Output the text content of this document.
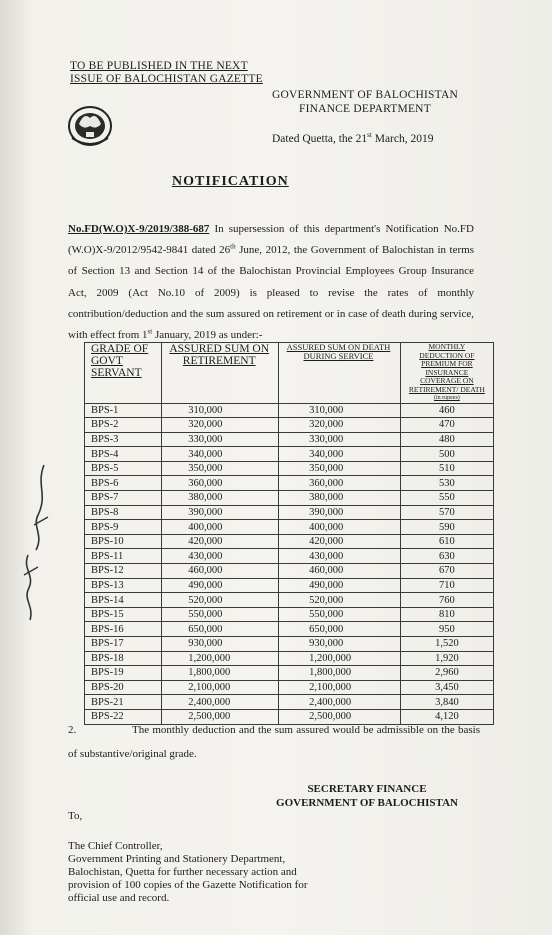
TO BE PUBLISHED IN THE NEXT
ISSUE OF BALOCHISTAN GAZETTE
GOVERNMENT OF BALOCHISTAN
FINANCE DEPARTMENT
Dated Quetta, the 21st March, 2019
NOTIFICATION
No.FD(W.O)X-9/2019/388-687 In supersession of this department's Notification No.FD (W.O)X-9/2012/9542-9841 dated 26th June, 2012, the Government of Balochistan in terms of Section 13 and Section 14 of the Balochistan Provincial Employees Group Insurance Act, 2009 (Act No.10 of 2009) is pleased to revise the rates of monthly contribution/deduction and the sum assured on retirement or in case of death during service, with effect from 1st January, 2019 as under:-
GRADE OF GOVT SERVANT	ASSURED SUM ON RETIREMENT	ASSURED SUM ON DEATH DURING SERVICE	MONTHLY DEDUCTION OF PREMIUM FOR INSURANCE COVERAGE ON RETIREMENT/ DEATH
(in rupees)

BPS-1	310,000	310,000	460
BPS-2	320,000	320,000	470
BPS-3	330,000	330,000	480
BPS-4	340,000	340,000	500
BPS-5	350,000	350,000	510
BPS-6	360,000	360,000	530
BPS-7	380,000	380,000	550
BPS-8	390,000	390,000	570
BPS-9	400,000	400,000	590
BPS-10	420,000	420,000	610
BPS-11	430,000	430,000	630
BPS-12	460,000	460,000	670
BPS-13	490,000	490,000	710
BPS-14	520,000	520,000	760
BPS-15	550,000	550,000	810
BPS-16	650,000	650,000	950
BPS-17	930,000	930,000	1,520
BPS-18	1,200,000	1,200,000	1,920
BPS-19	1,800,000	1,800,000	2,960
BPS-20	2,100,000	2,100,000	3,450
BPS-21	2,400,000	2,400,000	3,840
BPS-22	2,500,000	2,500,000	4,120
2.	The monthly deduction and the sum assured would be admissible on the basis of substantive/original grade.
SECRETARY FINANCE
GOVERNMENT OF BALOCHISTAN
To,
The Chief Controller,
Government Printing and Stationery Department,
Balochistan, Quetta for further necessary action and
provision of 100 copies of the Gazette Notification for
official use and record.
